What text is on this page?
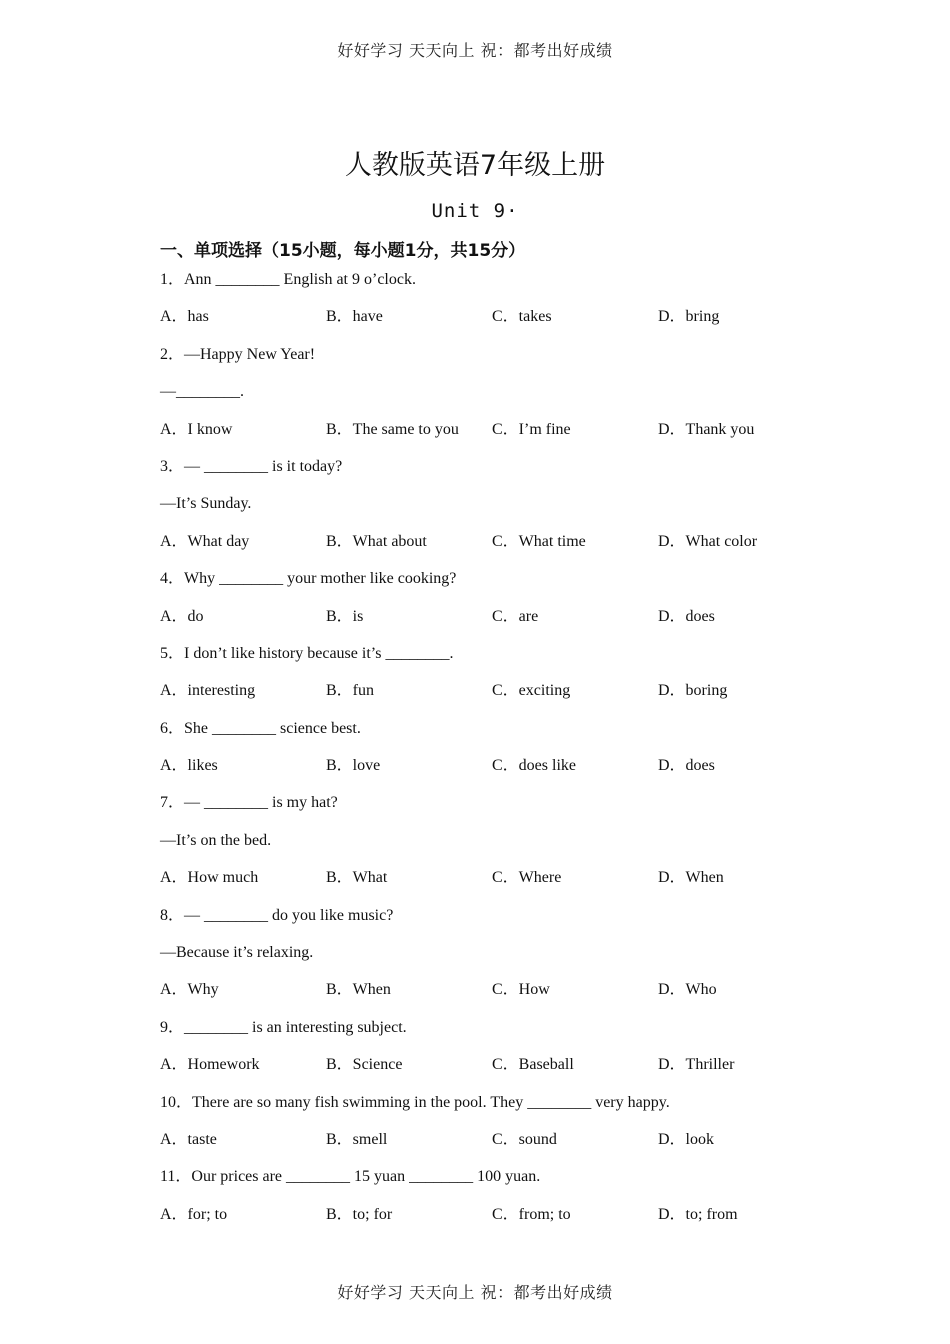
好好学习 天天向上 祝：都考出好成绩
人教版英语7年级上册
Unit 9·
一、单项选择（15小题，每小题1分，共15分）
1．Ann ________ English at 9 o’clock.
A．has	B．have	C．takes	D．bring
2．—Happy New Year!
—________.
A．I know	B．The same to you	C．I’m fine	D．Thank you
3．— ________ is it today?
—It’s Sunday.
A．What day	B．What about	C．What time	D．What color
4．Why ________ your mother like cooking?
A．do	B．is	C．are	D．does
5．I don’t like history because it’s ________.
A．interesting	B．fun	C．exciting	D．boring
6．She ________ science best.
A．likes	B．love	C．does like	D．does
7．— ________ is my hat?
—It’s on the bed.
A．How much	B．What	C．Where	D．When
8．— ________ do you like music?
—Because it’s relaxing.
A．Why	B．When	C．How	D．Who
9．________ is an interesting subject.
A．Homework	B．Science	C．Baseball	D．Thriller
10．There are so many fish swimming in the pool. They ________ very happy.
A．taste	B．smell	C．sound	D．look
11．Our prices are ________ 15 yuan ________ 100 yuan.
A．for; to	B．to; for	C．from; to	D．to; from
好好学习 天天向上 祝：都考出好成绩
